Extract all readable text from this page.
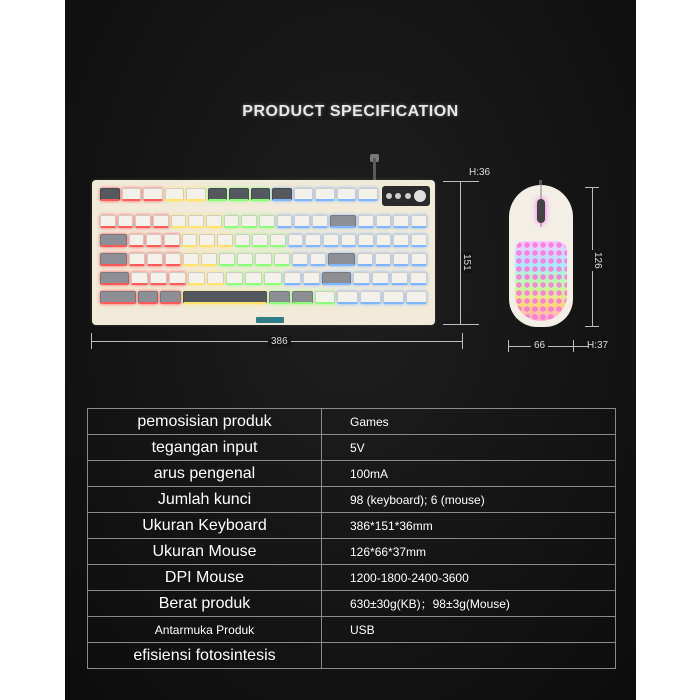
PRODUCT SPECIFICATION
386
151
H:36
126
66	H:37
pemosisian produk	Games
tegangan input	5V
arus pengenal	100mA
Jumlah kunci	98 (keyboard); 6 (mouse)
Ukuran Keyboard	386*151*36mm
Ukuran Mouse	126*66*37mm
DPI Mouse	1200-1800-2400-3600
Berat produk	630±30g(KB)；98±3g(Mouse)
Antarmuka Produk	USB
efisiensi fotosintesis	
